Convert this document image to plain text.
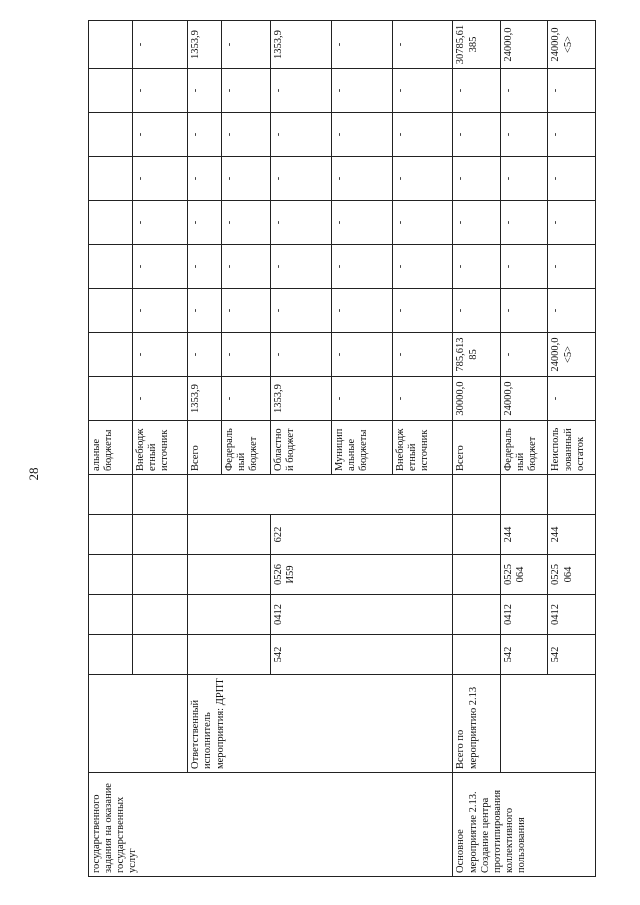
28
государственного задания на оказание государственных услуг							альные бюджеты									
							Внебюджетный источник	-	-	-	-	-	-	-	-	-
	Ответственный исполнитель мероприятия: ДРПТ						Всего	1353,9	-	-	-	-	-	-	-	1353,9
							Федеральный бюджет	-	-	-	-	-	-	-	-	-
		542	0412	0526 И59	622		Областной бюджет	1353,9	-	-	-	-	-	-	-	1353,9
							Муниципальные бюджеты	-	-	-	-	-	-	-	-	-
							Внебюджетный источник	-	-	-	-	-	-	-	-	-
Основное мероприятие 2.13. Создание центра прототипирования коллективного пользования	Всего по мероприятию 2.13						Всего	30000,0	785,61385	-	-	-	-	-	-	30785,61385
		542	0412	0525 064	244		Федеральный бюджет	24000,0	-	-	-	-	-	-	-	24000,0
		542	0412	0525 064	244		Неиспользованный остаток	-	24000,0 <5>	-	-	-	-	-	-	24000,0 <5>
